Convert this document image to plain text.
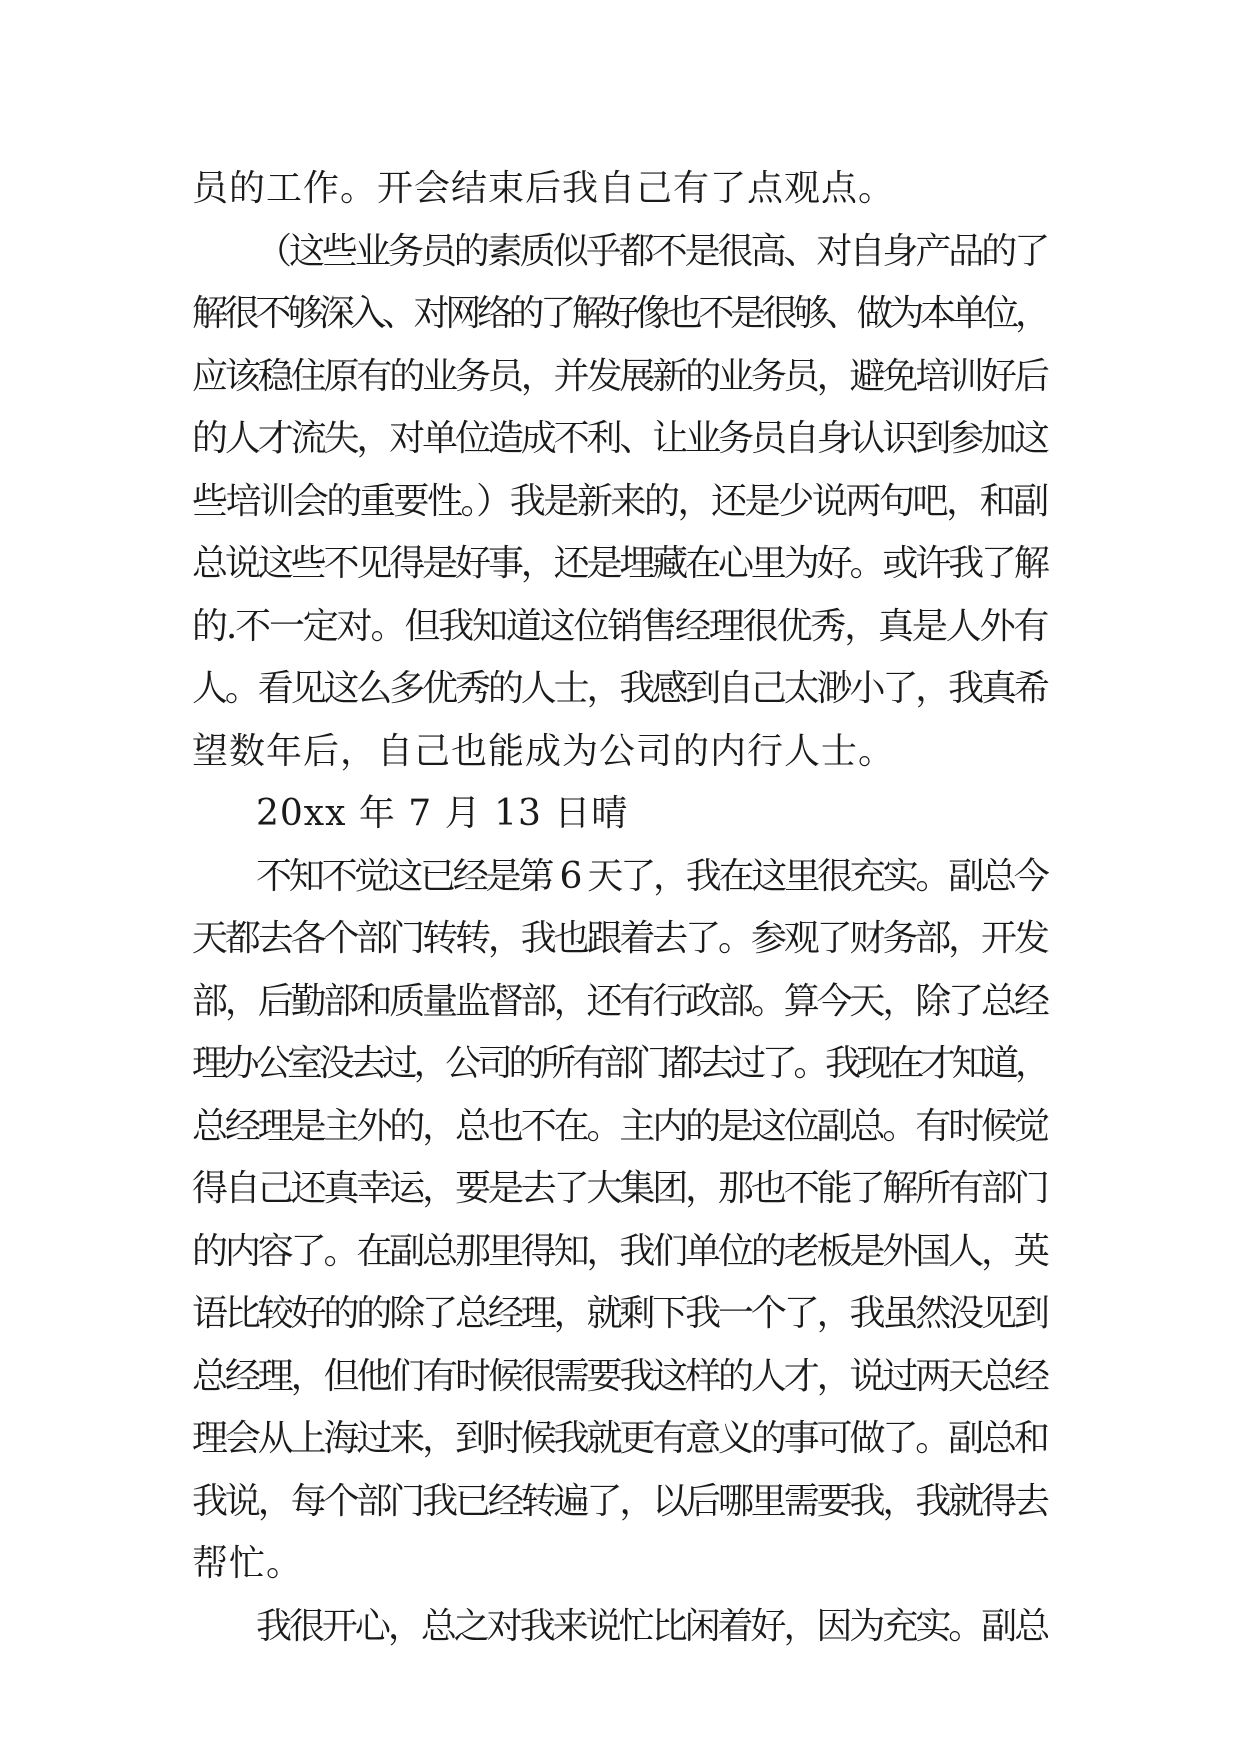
员的工作。开会结束后我自己有了点观点。
（这些业务员的素质似乎都不是很高、对自身产品的了
解很不够深入、对网络的了解好像也不是很够、做为本单位，
应该稳住原有的业务员，并发展新的业务员，避免培训好后
的人才流失，对单位造成不利、让业务员自身认识到参加这
些培训会的重要性。）我是新来的，还是少说两句吧，和副
总说这些不见得是好事，还是埋藏在心里为好。或许我了解
的.不一定对。但我知道这位销售经理很优秀，真是人外有
人。看见这么多优秀的人士，我感到自己太渺小了，我真希
望数年后，自己也能成为公司的内行人士。
20xx 年 7 月 13 日晴
不知不觉这已经是第 6 天了，我在这里很充实。副总今
天都去各个部门转转，我也跟着去了。参观了财务部，开发
部，后勤部和质量监督部，还有行政部。算今天，除了总经
理办公室没去过，公司的所有部门都去过了。我现在才知道，
总经理是主外的，总也不在。主内的是这位副总。有时候觉
得自己还真幸运，要是去了大集团，那也不能了解所有部门
的内容了。在副总那里得知，我们单位的老板是外国人，英
语比较好的的除了总经理，就剩下我一个了，我虽然没见到
总经理，但他们有时候很需要我这样的人才，说过两天总经
理会从上海过来，到时候我就更有意义的事可做了。副总和
我说，每个部门我已经转遍了，以后哪里需要我，我就得去
帮忙。
我很开心，总之对我来说忙比闲着好，因为充实。副总
